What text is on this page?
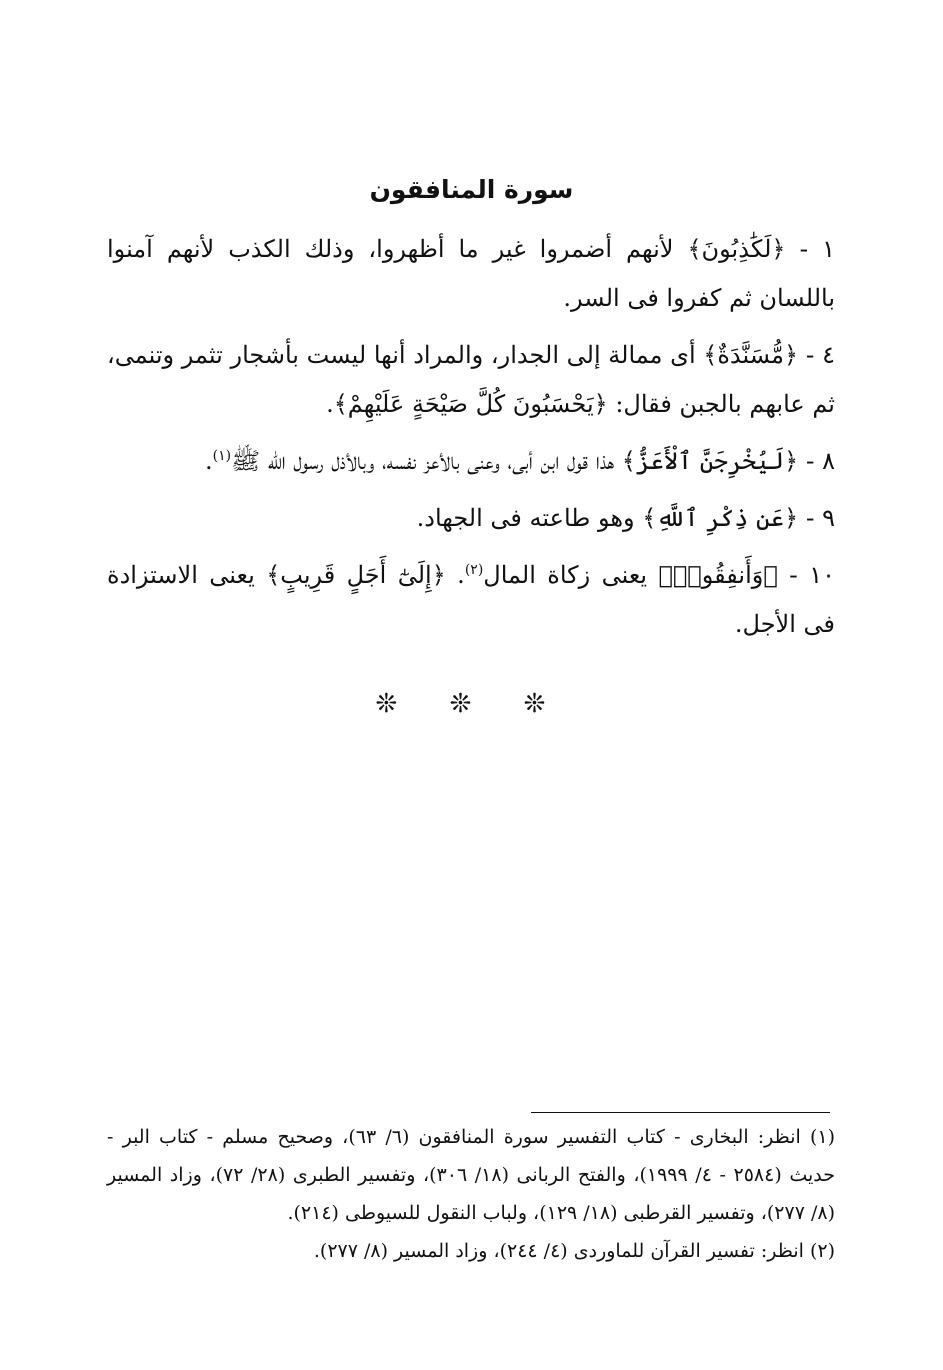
سورة المنافقون

١ - ﴿لَكَٰذِبُونَ﴾ لأنهم أضمروا غير ما أظهروا، وذلك الكذب لأنهم آمنوا باللسان ثم كفروا فى السر.

٤ - ﴿مُّسَنَّدَةٌ﴾ أى ممالة إلى الجدار، والمراد أنها ليست بأشجار تثمر وتنمى، ثم عابهم بالجبن فقال: ﴿يَحْسَبُونَ كُلَّ صَيْحَةٍ عَلَيْهِمْ﴾.

٨ - ﴿لَيُخْرِجَنَّ ٱلْأَعَزُّ﴾ هذا قول ابن أبى، وعنى بالأعز نفسه، وبالأذل رسول الله ﷺ$^{(١)}$.

٩ - ﴿عَن ذِكْرِ ٱللَّهِ﴾ وهو طاعته فى الجهاد.

١٠ - ﴿وَأَنفِقُوا۟﴾ يعنى زكاة المال$^{(٢)}$. ﴿إِلَىٰٓ أَجَلٍ قَرِيبٍ﴾ يعنى الاستزادة فى الأجل.

❊ ❊ ❊

(١) انظر: البخارى - كتاب التفسير سورة المنافقون (٦/ ٦٣)، وصحيح مسلم - كتاب البر - حديث (٢٥٨٤ - ٤/ ١٩٩٩)، والفتح الربانى (١٨/ ٣٠٦)، وتفسير الطبرى (٢٨/ ٧٢)، وزاد المسير (٨/ ٢٧٧)، وتفسير القرطبى (١٨/ ١٢٩)، ولباب النقول للسيوطى (٢١٤).

(٢) انظر: تفسير القرآن للماوردى (٤/ ٢٤٤)، وزاد المسير (٨/ ٢٧٧).
